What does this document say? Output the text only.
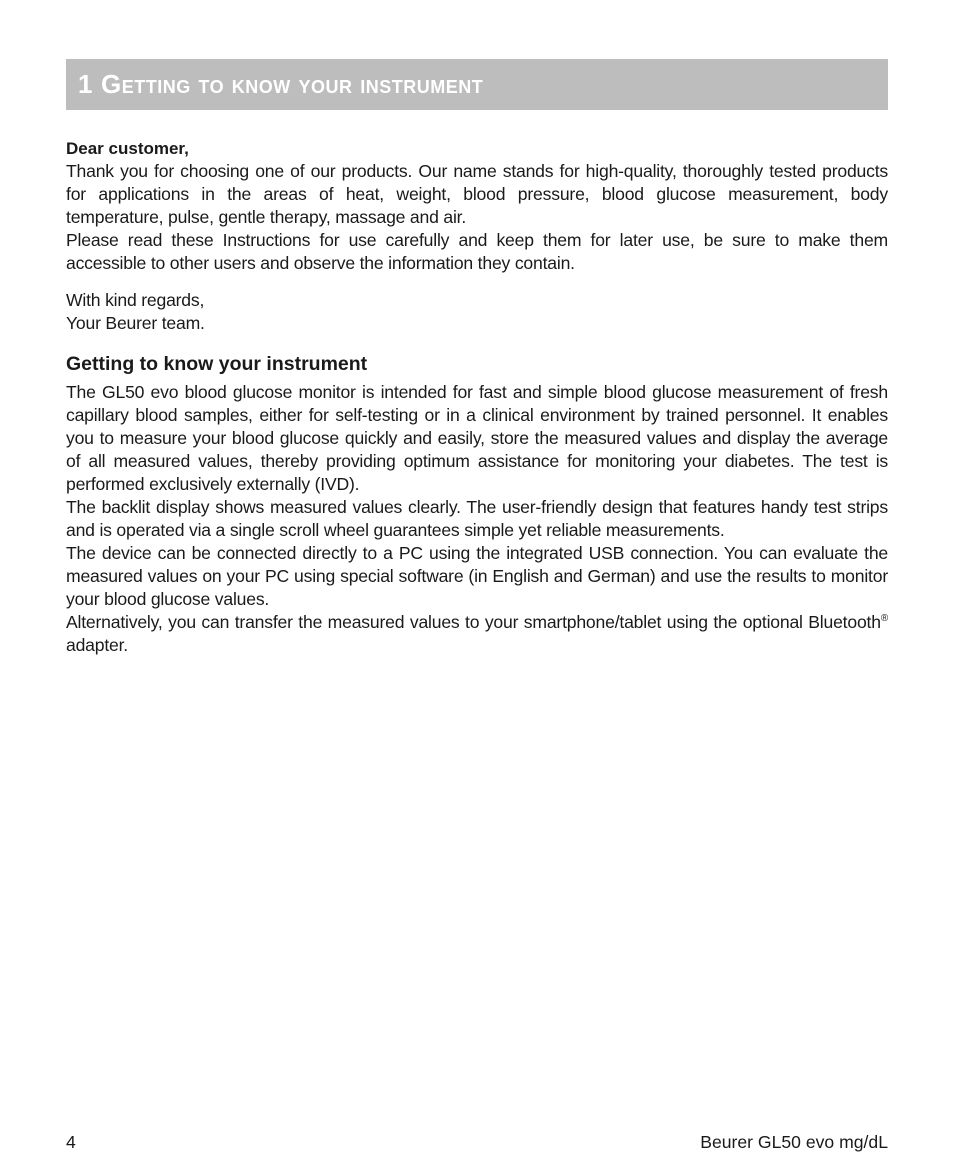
1 Getting to know your instrument
Dear customer,

Thank you for choosing one of our products. Our name stands for high-quality, thoroughly tested products for applications in the areas of heat, weight, blood pressure, blood glucose measurement, body temperature, pulse, gentle therapy, massage and air.

Please read these Instructions for use carefully and keep them for later use, be sure to make them accessible to other users and observe the information they contain.

With kind regards,

Your Beurer team.

Getting to know your instrument

The GL50 evo blood glucose monitor is intended for fast and simple blood glucose measurement of fresh capillary blood samples, either for self-testing or in a clinical environment by trained personnel. It enables you to measure your blood glucose quickly and easily, store the measured values and display the average of all measured values, thereby providing optimum assistance for monitoring your diabetes. The test is performed exclusively externally (IVD).

The backlit display shows measured values clearly. The user-friendly design that features handy test strips and is operated via a single scroll wheel guarantees simple yet reliable measurements.

The device can be connected directly to a PC using the integrated USB connection. You can evaluate the measured values on your PC using special software (in English and German) and use the results to monitor your blood glucose values.

Alternatively, you can transfer the measured values to your smartphone/tablet using the optional Bluetooth® adapter.

4	Beurer GL50 evo mg/dL
